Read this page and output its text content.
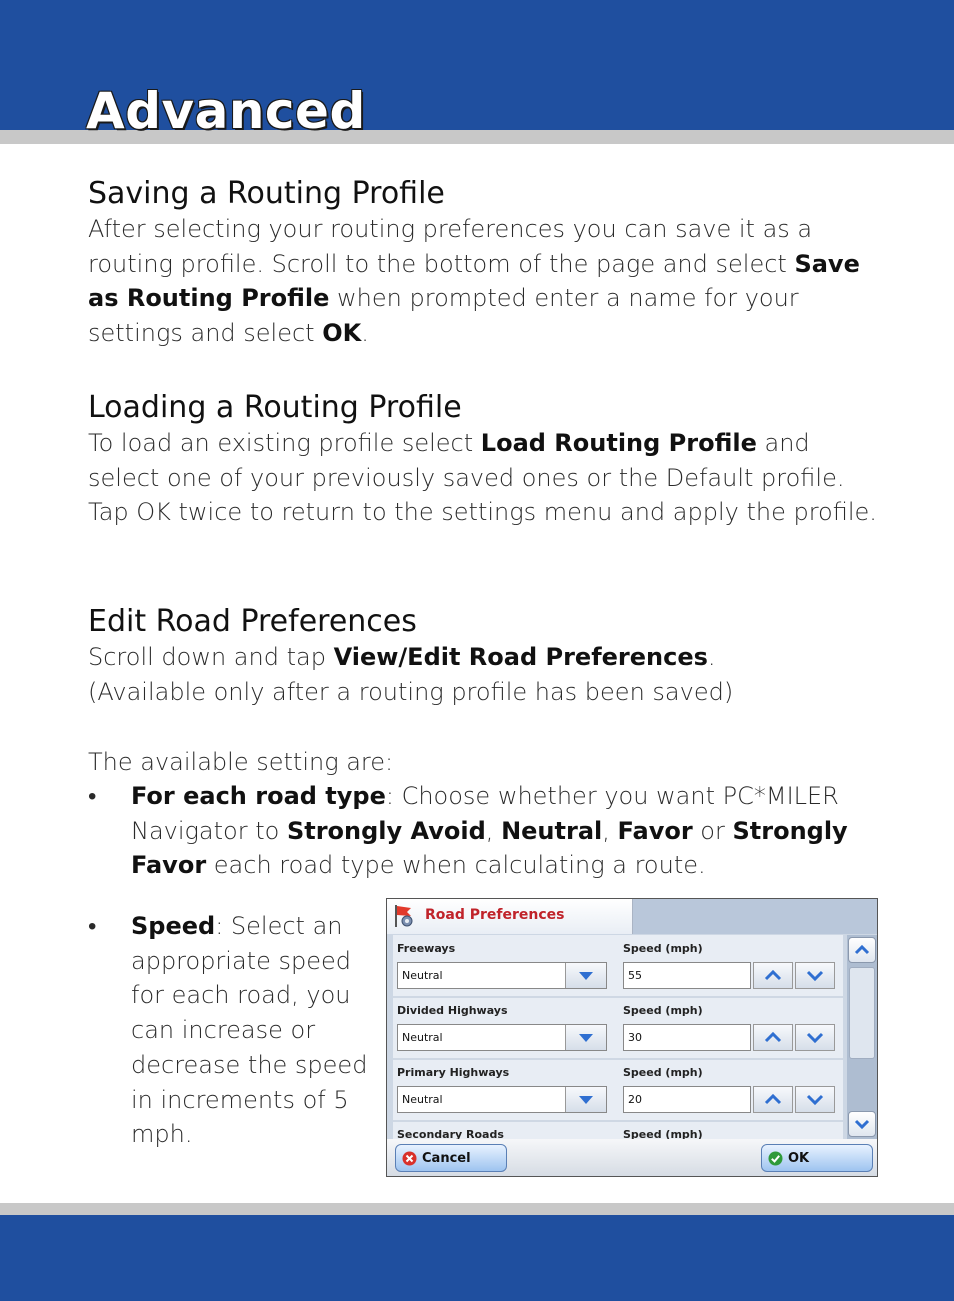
Advanced
Saving a Routing Profile

After selecting your routing preferences you can save it as a routing profile. Scroll to the bottom of the page and select Save as Routing Profile when prompted enter a name for your settings and select OK.

Loading a Routing Profile

To load an existing profile select Load Routing Profile and select one of your previously saved ones or the Default profile. Tap OK twice to return to the settings menu and apply the profile.

Edit Road Preferences

Scroll down and tap View/Edit Road Preferences.
(Available only after a routing profile has been saved)

The available setting are:

• For each road type: Choose whether you want PC*MILER Navigator to Strongly Avoid, Neutral, Favor or Strongly Favor each road type when calculating a route.

• Speed: Select an appropriate speed for each road, you can increase or decrease the speed in increments of 5 mph.

Road Preferences
Freeways	Speed (mph)
Neutral	55
Divided Highways	Speed (mph)
Neutral	30
Primary Highways	Speed (mph)
Neutral	20
Secondary Roads	Speed (mph)
Cancel	OK
